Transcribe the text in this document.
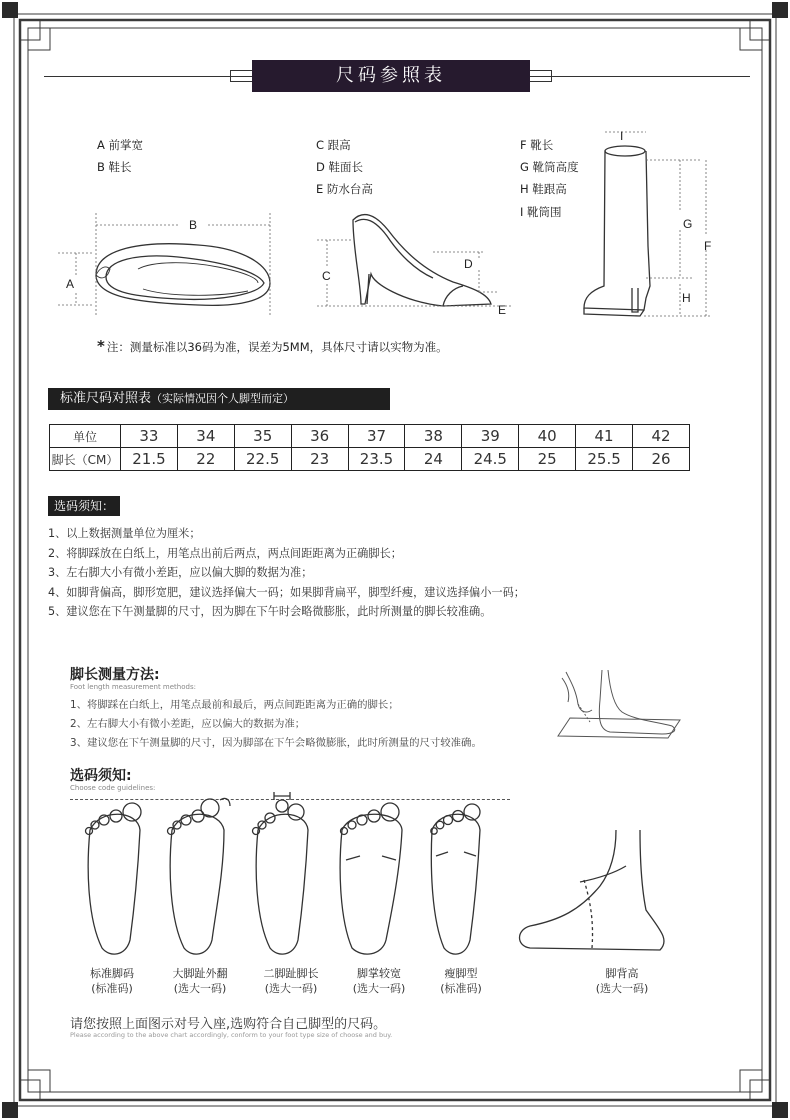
尺码参照表
A 前掌宽
B 鞋长
C 跟高
D 鞋面长
E 防水台高
F 靴长
G 靴筒高度
H 鞋跟高
I 靴筒围
B
A
C
D
E
I
G
F
H
* 注：测量标准以36码为准，误差为5MM，具体尺寸请以实物为准。
标准尺码对照表（实际情况因个人脚型而定）
单位	33	34	35	36	37	38	39	40	41	42
脚长（CM）	21.5	22	22.5	23	23.5	24	24.5	25	25.5	26
选码须知：
1、以上数据测量单位为厘米；
2、将脚踩放在白纸上，用笔点出前后两点，两点间距距离为正确脚长；
3、左右脚大小有微小差距，应以偏大脚的数据为准；
4、如脚背偏高，脚形宽肥，建议选择偏大一码；如果脚背扁平，脚型纤瘦，建议选择偏小一码；
5、建议您在下午测量脚的尺寸，因为脚在下午时会略微膨胀，此时所测量的脚长较准确。
脚长测量方法:
Foot length measurement methods:
1、将脚踩在白纸上，用笔点最前和最后，两点间距距离为正确的脚长；
2、左右脚大小有微小差距，应以偏大的数据为准；
3、建议您在下午测量脚的尺寸，因为脚部在下午会略微膨胀，此时所测量的尺寸较准确。
选码须知:
Choose code guidelines:
标准脚码
(标准码)
大脚趾外翻
(选大一码)
二脚趾脚长
(选大一码)
脚掌较宽
(选大一码)
瘦脚型
(标准码)
脚背高
(选大一码)
请您按照上面图示对号入座,选购符合自己脚型的尺码。
Please according to the above chart accordingly, conform to your foot type size of choose and buy.
